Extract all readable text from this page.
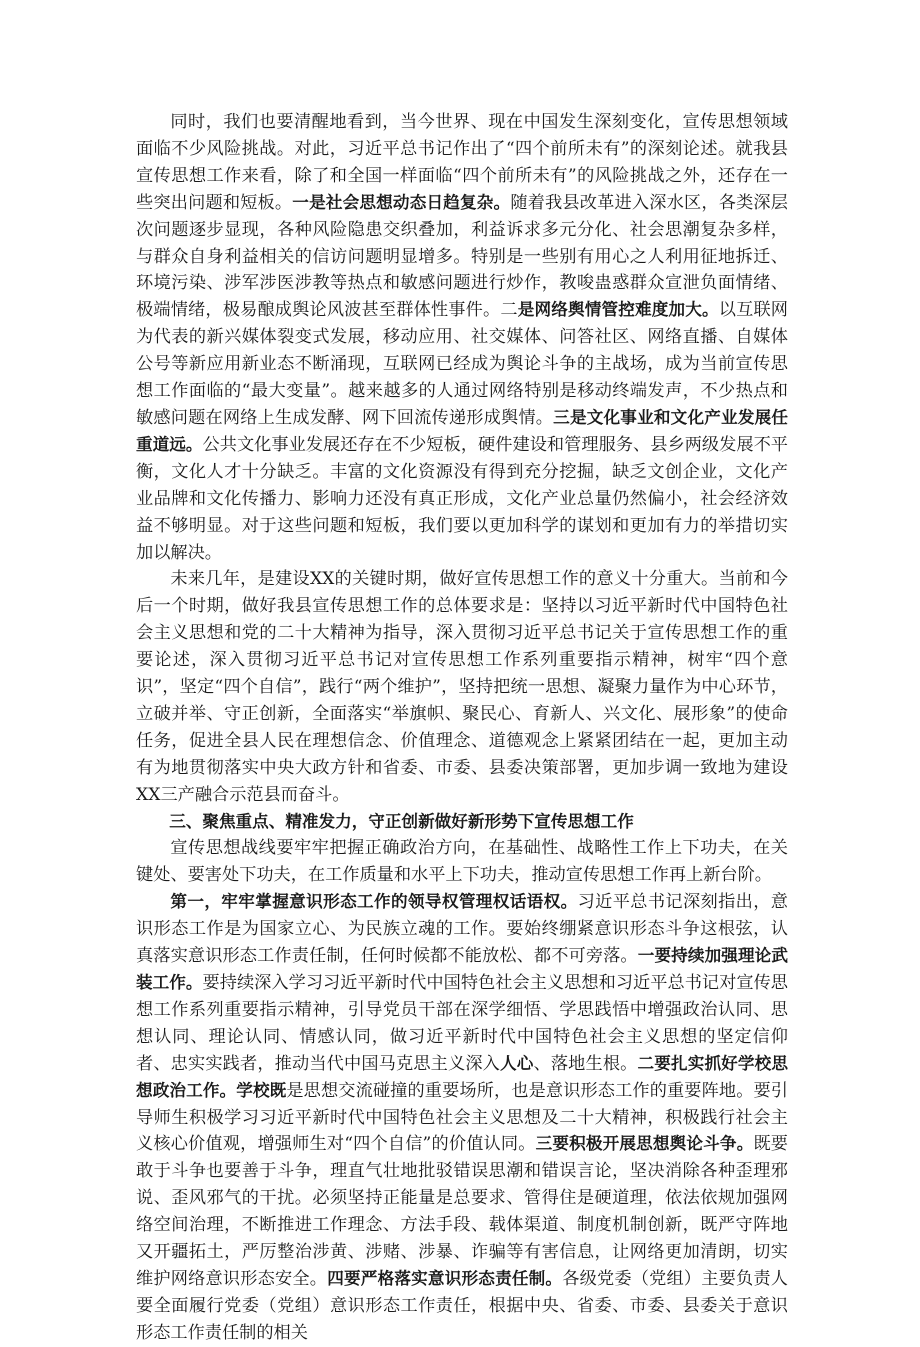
同时，我们也要清醒地看到，当今世界、现在中国发生深刻变化，宣传思想领域面临不少风险挑战。对此，习近平总书记作出了“四个前所未有”的深刻论述。就我县宣传思想工作来看，除了和全国一样面临“四个前所未有”的风险挑战之外，还存在一些突出问题和短板。一是社会思想动态日趋复杂。随着我县改革进入深水区，各类深层次问题逐步显现，各种风险隐患交织叠加，利益诉求多元分化、社会思潮复杂多样，与群众自身利益相关的信访问题明显增多。特别是一些别有用心之人利用征地拆迁、环境污染、涉军涉医涉教等热点和敏感问题进行炒作，教唆蛊惑群众宣泄负面情绪、极端情绪，极易酿成舆论风波甚至群体性事件。二是网络舆情管控难度加大。以互联网为代表的新兴媒体裂变式发展，移动应用、社交媒体、问答社区、网络直播、自媒体公号等新应用新业态不断涌现，互联网已经成为舆论斗争的主战场，成为当前宣传思想工作面临的“最大变量”。越来越多的人通过网络特别是移动终端发声，不少热点和敏感问题在网络上生成发酵、网下回流传递形成舆情。三是文化事业和文化产业发展任重道远。公共文化事业发展还存在不少短板，硬件建设和管理服务、县乡两级发展不平衡，文化人才十分缺乏。丰富的文化资源没有得到充分挖掘，缺乏文创企业，文化产业品牌和文化传播力、影响力还没有真正形成，文化产业总量仍然偏小，社会经济效益不够明显。对于这些问题和短板，我们要以更加科学的谋划和更加有力的举措切实加以解决。

未来几年，是建设XX的关键时期，做好宣传思想工作的意义十分重大。当前和今后一个时期，做好我县宣传思想工作的总体要求是：坚持以习近平新时代中国特色社会主义思想和党的二十大精神为指导，深入贯彻习近平总书记关于宣传思想工作的重要论述，深入贯彻习近平总书记对宣传思想工作系列重要指示精神，树牢“四个意识”，坚定“四个自信”，践行“两个维护”，坚持把统一思想、凝聚力量作为中心环节，立破并举、守正创新，全面落实“举旗帜、聚民心、育新人、兴文化、展形象”的使命任务，促进全县人民在理想信念、价值理念、道德观念上紧紧团结在一起，更加主动有为地贯彻落实中央大政方针和省委、市委、县委决策部署，更加步调一致地为建设XX三产融合示范县而奋斗。

三、聚焦重点、精准发力，守正创新做好新形势下宣传思想工作

宣传思想战线要牢牢把握正确政治方向，在基础性、战略性工作上下功夫，在关键处、要害处下功夫，在工作质量和水平上下功夫，推动宣传思想工作再上新台阶。

第一，牢牢掌握意识形态工作的领导权管理权话语权。习近平总书记深刻指出，意识形态工作是为国家立心、为民族立魂的工作。要始终绷紧意识形态斗争这根弦，认真落实意识形态工作责任制，任何时候都不能放松、都不可旁落。一要持续加强理论武装工作。要持续深入学习习近平新时代中国特色社会主义思想和习近平总书记对宣传思想工作系列重要指示精神，引导党员干部在深学细悟、学思践悟中增强政治认同、思想认同、理论认同、情感认同，做习近平新时代中国特色社会主义思想的坚定信仰者、忠实实践者，推动当代中国马克思主义深入人心、落地生根。二要扎实抓好学校思想政治工作。学校既是思想交流碰撞的重要场所，也是意识形态工作的重要阵地。要引导师生积极学习习近平新时代中国特色社会主义思想及二十大精神，积极践行社会主义核心价值观，增强师生对“四个自信”的价值认同。三要积极开展思想舆论斗争。既要敢于斗争也要善于斗争，理直气壮地批驳错误思潮和错误言论，坚决消除各种歪理邪说、歪风邪气的干扰。必须坚持正能量是总要求、管得住是硬道理，依法依规加强网络空间治理，不断推进工作理念、方法手段、载体渠道、制度机制创新，既严守阵地又开疆拓土，严厉整治涉黄、涉赌、涉暴、诈骗等有害信息，让网络更加清朗，切实维护网络意识形态安全。四要严格落实意识形态责任制。各级党委（党组）主要负责人要全面履行党委（党组）意识形态工作责任，根据中央、省委、市委、县委关于意识形态工作责任制的相关
